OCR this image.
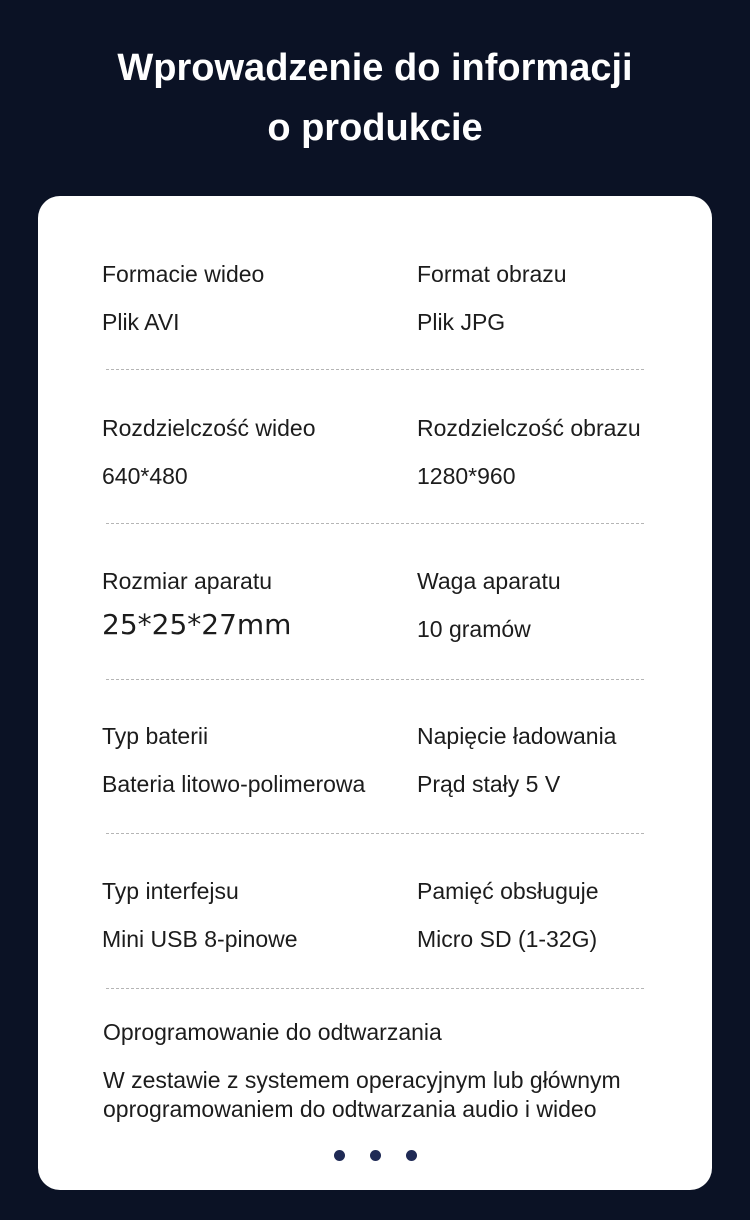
Wprowadzenie do informacji
o produkcie
Formacie wideo
Plik AVI
Format obrazu
Plik JPG
Rozdzielczość wideo
640*480
Rozdzielczość obrazu
1280*960
Rozmiar aparatu
25*25*27mm
Waga aparatu
10 gramów
Typ baterii
Bateria litowo-polimerowa
Napięcie ładowania
Prąd stały 5 V
Typ interfejsu
Mini USB 8-pinowe
Pamięć obsługuje
Micro SD (1-32G)
Oprogramowanie do odtwarzania
W zestawie z systemem operacyjnym lub głównym
oprogramowaniem do odtwarzania audio i wideo
